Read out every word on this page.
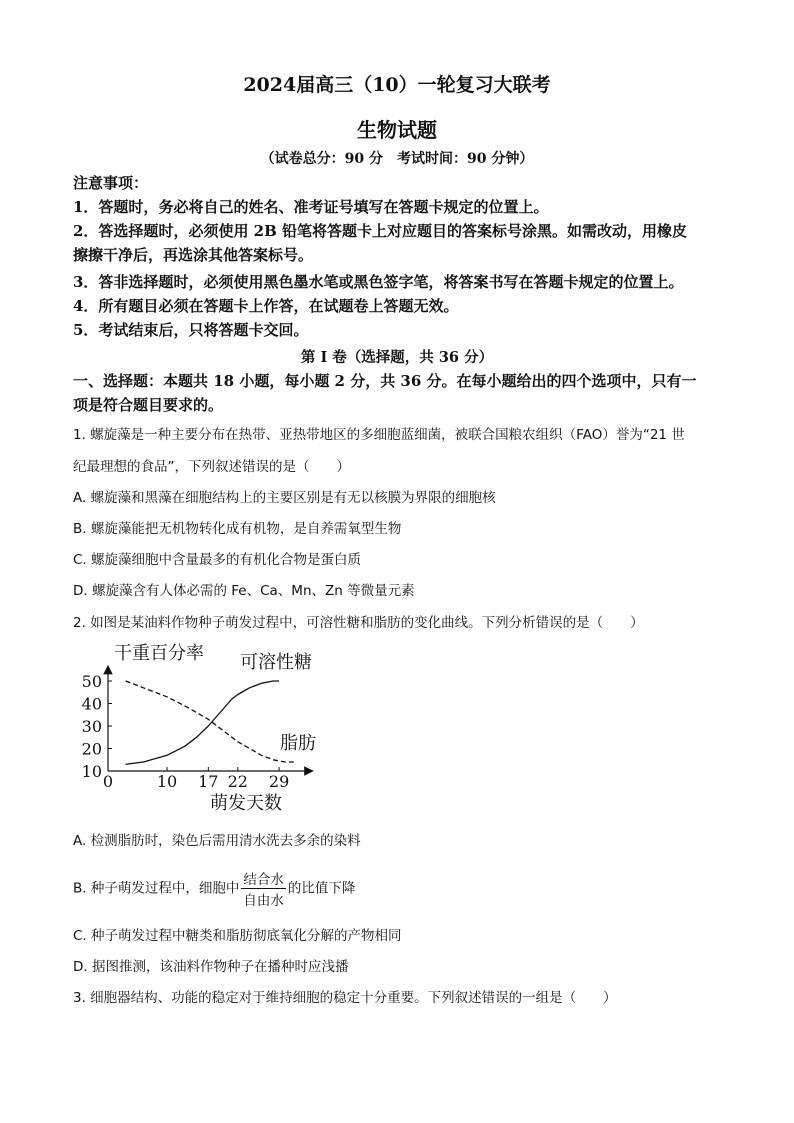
2024届高三（10）一轮复习大联考
生物试题
（试卷总分：90 分　考试时间：90 分钟）
注意事项：
1．答题时，务必将自己的姓名、准考证号填写在答题卡规定的位置上。
2．答选择题时，必须使用 2B 铅笔将答题卡上对应题目的答案标号涂黑。如需改动，用橡皮
擦擦干净后，再选涂其他答案标号。
3．答非选择题时，必须使用黑色墨水笔或黑色签字笔，将答案书写在答题卡规定的位置上。
4．所有题目必须在答题卡上作答，在试题卷上答题无效。
5．考试结束后，只将答题卡交回。
第 I 卷（选择题，共 36 分）
一、选择题：本题共 18 小题，每小题 2 分，共 36 分。在每小题给出的四个选项中，只有一
项是符合题目要求的。
1. 螺旋藻是一种主要分布在热带、亚热带地区的多细胞蓝细菌，被联合国粮农组织（FAO）誉为“21 世
纪最理想的食品”，下列叙述错误的是（　　）
A. 螺旋藻和黑藻在细胞结构上的主要区别是有无以核膜为界限的细胞核
B. 螺旋藻能把无机物转化成有机物，是自养需氧型生物
C. 螺旋藻细胞中含量最多的有机化合物是蛋白质
D. 螺旋藻含有人体必需的 Fe、Ca、Mn、Zn 等微量元素
2. 如图是某油料作物种子萌发过程中，可溶性糖和脂肪的变化曲线。下列分析错误的是（　　）
10
20
30
40
50
0	10 17 22 29
干重百分率
萌发天数
可溶性糖
脂肪
A. 检测脂肪时，染色后需用清水洗去多余的染料
B. 种子萌发过程中，细胞中 $\frac{\text{结合水}}{\text{自由水}}$ 的比值下降
C. 种子萌发过程中糖类和脂肪彻底氧化分解的产物相同
D. 据图推测，该油料作物种子在播种时应浅播
3. 细胞器结构、功能的稳定对于维持细胞的稳定十分重要。下列叙述错误的一组是（　　）
